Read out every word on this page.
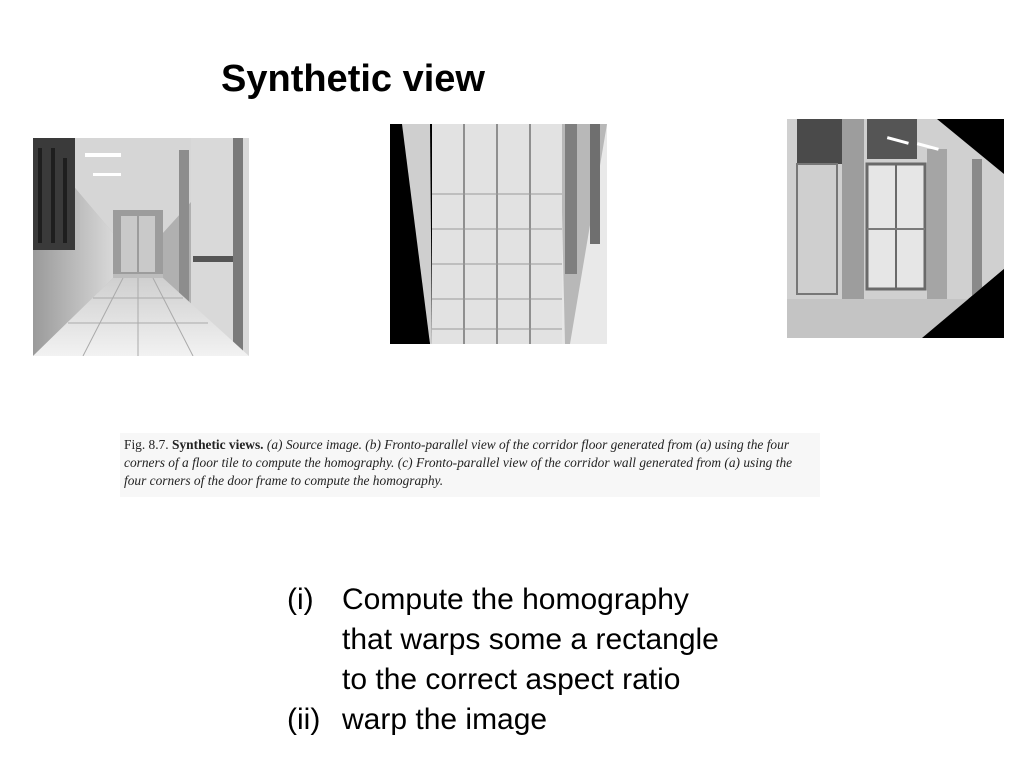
Synthetic view
Fig. 8.7. Synthetic views. (a) Source image. (b) Fronto-parallel view of the corridor floor generated from (a) using the four corners of a floor tile to compute the homography. (c) Fronto-parallel view of the corridor wall generated from (a) using the four corners of the door frame to compute the homography.
(i) Compute the homography
that warps some a rectangle
to the correct aspect ratio
(ii) warp the image
